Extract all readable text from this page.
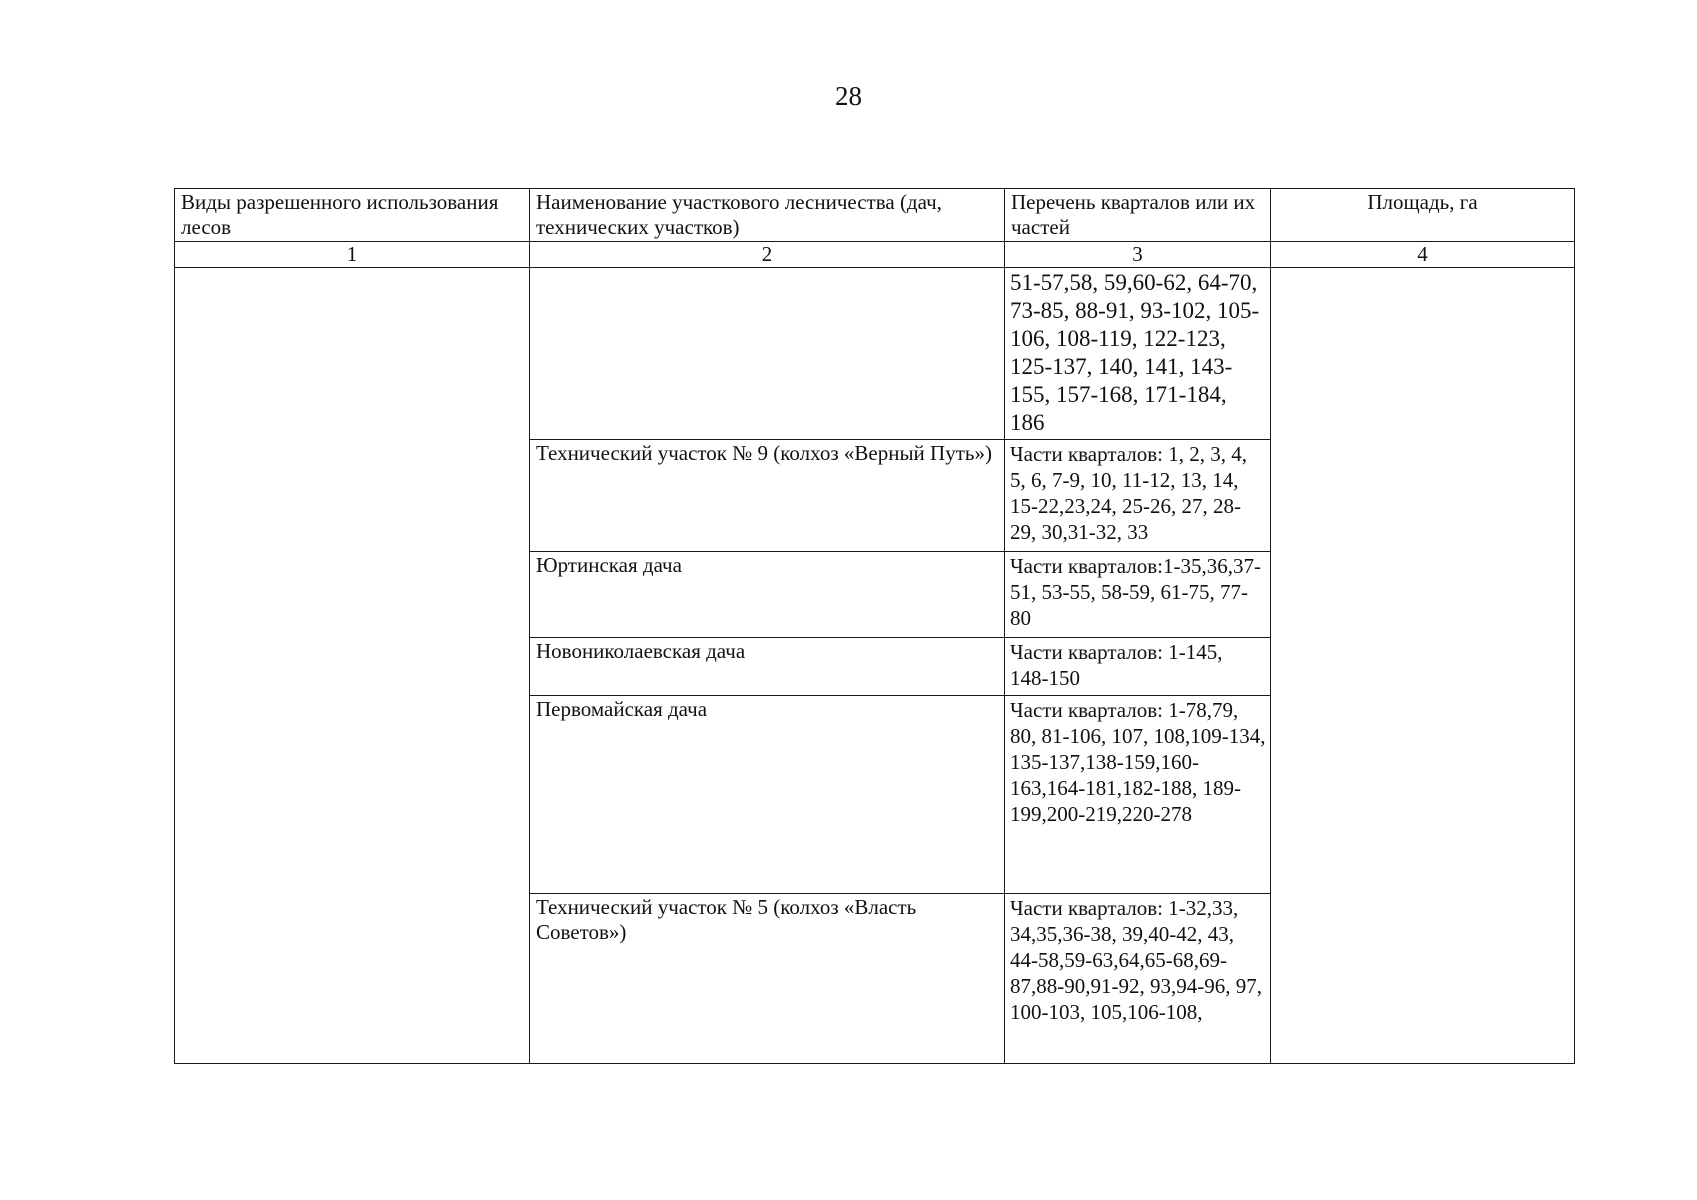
28
Виды разрешенного использования лесов	Наименование участкового лесничества (дач, технических участков)	Перечень кварталов или их частей	Площадь, га
1	2	3	4
		51-57,58, 59,60-62, 64-70, 73-85, 88-91, 93-102, 105-106, 108-119, 122-123, 125-137, 140, 141, 143-155, 157-168, 171-184, 186	
	Технический участок № 9 (колхоз «Верный Путь»)	Части кварталов: 1, 2, 3, 4, 5, 6, 7-9, 10, 11-12, 13, 14, 15-22,23,24, 25-26, 27, 28-29, 30,31-32, 33	
	Юртинская дача	Части кварталов:1-35,36,37-51, 53-55, 58-59, 61-75, 77-80	
	Новониколаевская дача	Части кварталов: 1-145, 148-150	
	Первомайская дача	Части кварталов: 1-78,79, 80, 81-106, 107, 108,109-134, 135-137,138-159,160-163,164-181,182-188, 189-199,200-219,220-278	
	Технический участок № 5 (колхоз «Власть Советов»)	Части кварталов: 1-32,33, 34,35,36-38, 39,40-42, 43, 44-58,59-63,64,65-68,69-87,88-90,91-92, 93,94-96, 97, 100-103, 105,106-108,	
